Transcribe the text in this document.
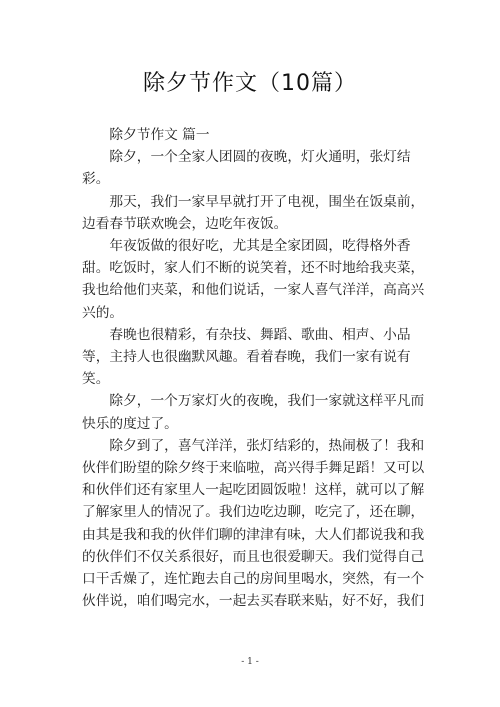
除夕节作文（10篇）

除夕节作文 篇一

除夕，一个全家人团圆的夜晚，灯火通明，张灯结
彩。

那天，我们一家早早就打开了电视，围坐在饭桌前，
边看春节联欢晚会，边吃年夜饭。

年夜饭做的很好吃，尤其是全家团圆，吃得格外香
甜。吃饭时，家人们不断的说笑着，还不时地给我夹菜，
我也给他们夹菜，和他们说话，一家人喜气洋洋，高高兴
兴的。

春晚也很精彩，有杂技、舞蹈、歌曲、相声、小品
等，主持人也很幽默风趣。看着春晚，我们一家有说有
笑。

除夕，一个万家灯火的夜晚，我们一家就这样平凡而
快乐的度过了。

除夕到了，喜气洋洋，张灯结彩的，热闹极了！我和
伙伴们盼望的除夕终于来临啦，高兴得手舞足蹈！又可以
和伙伴们还有家里人一起吃团圆饭啦！这样，就可以了解
了解家里人的情况了。我们边吃边聊，吃完了，还在聊，
由其是我和我的伙伴们聊的津津有味，大人们都说我和我
的伙伴们不仅关系很好，而且也很爱聊天。我们觉得自己
口干舌燥了，连忙跑去自己的房间里喝水，突然，有一个
伙伴说，咱们喝完水，一起去买春联来贴，好不好，我们

- 1 -
